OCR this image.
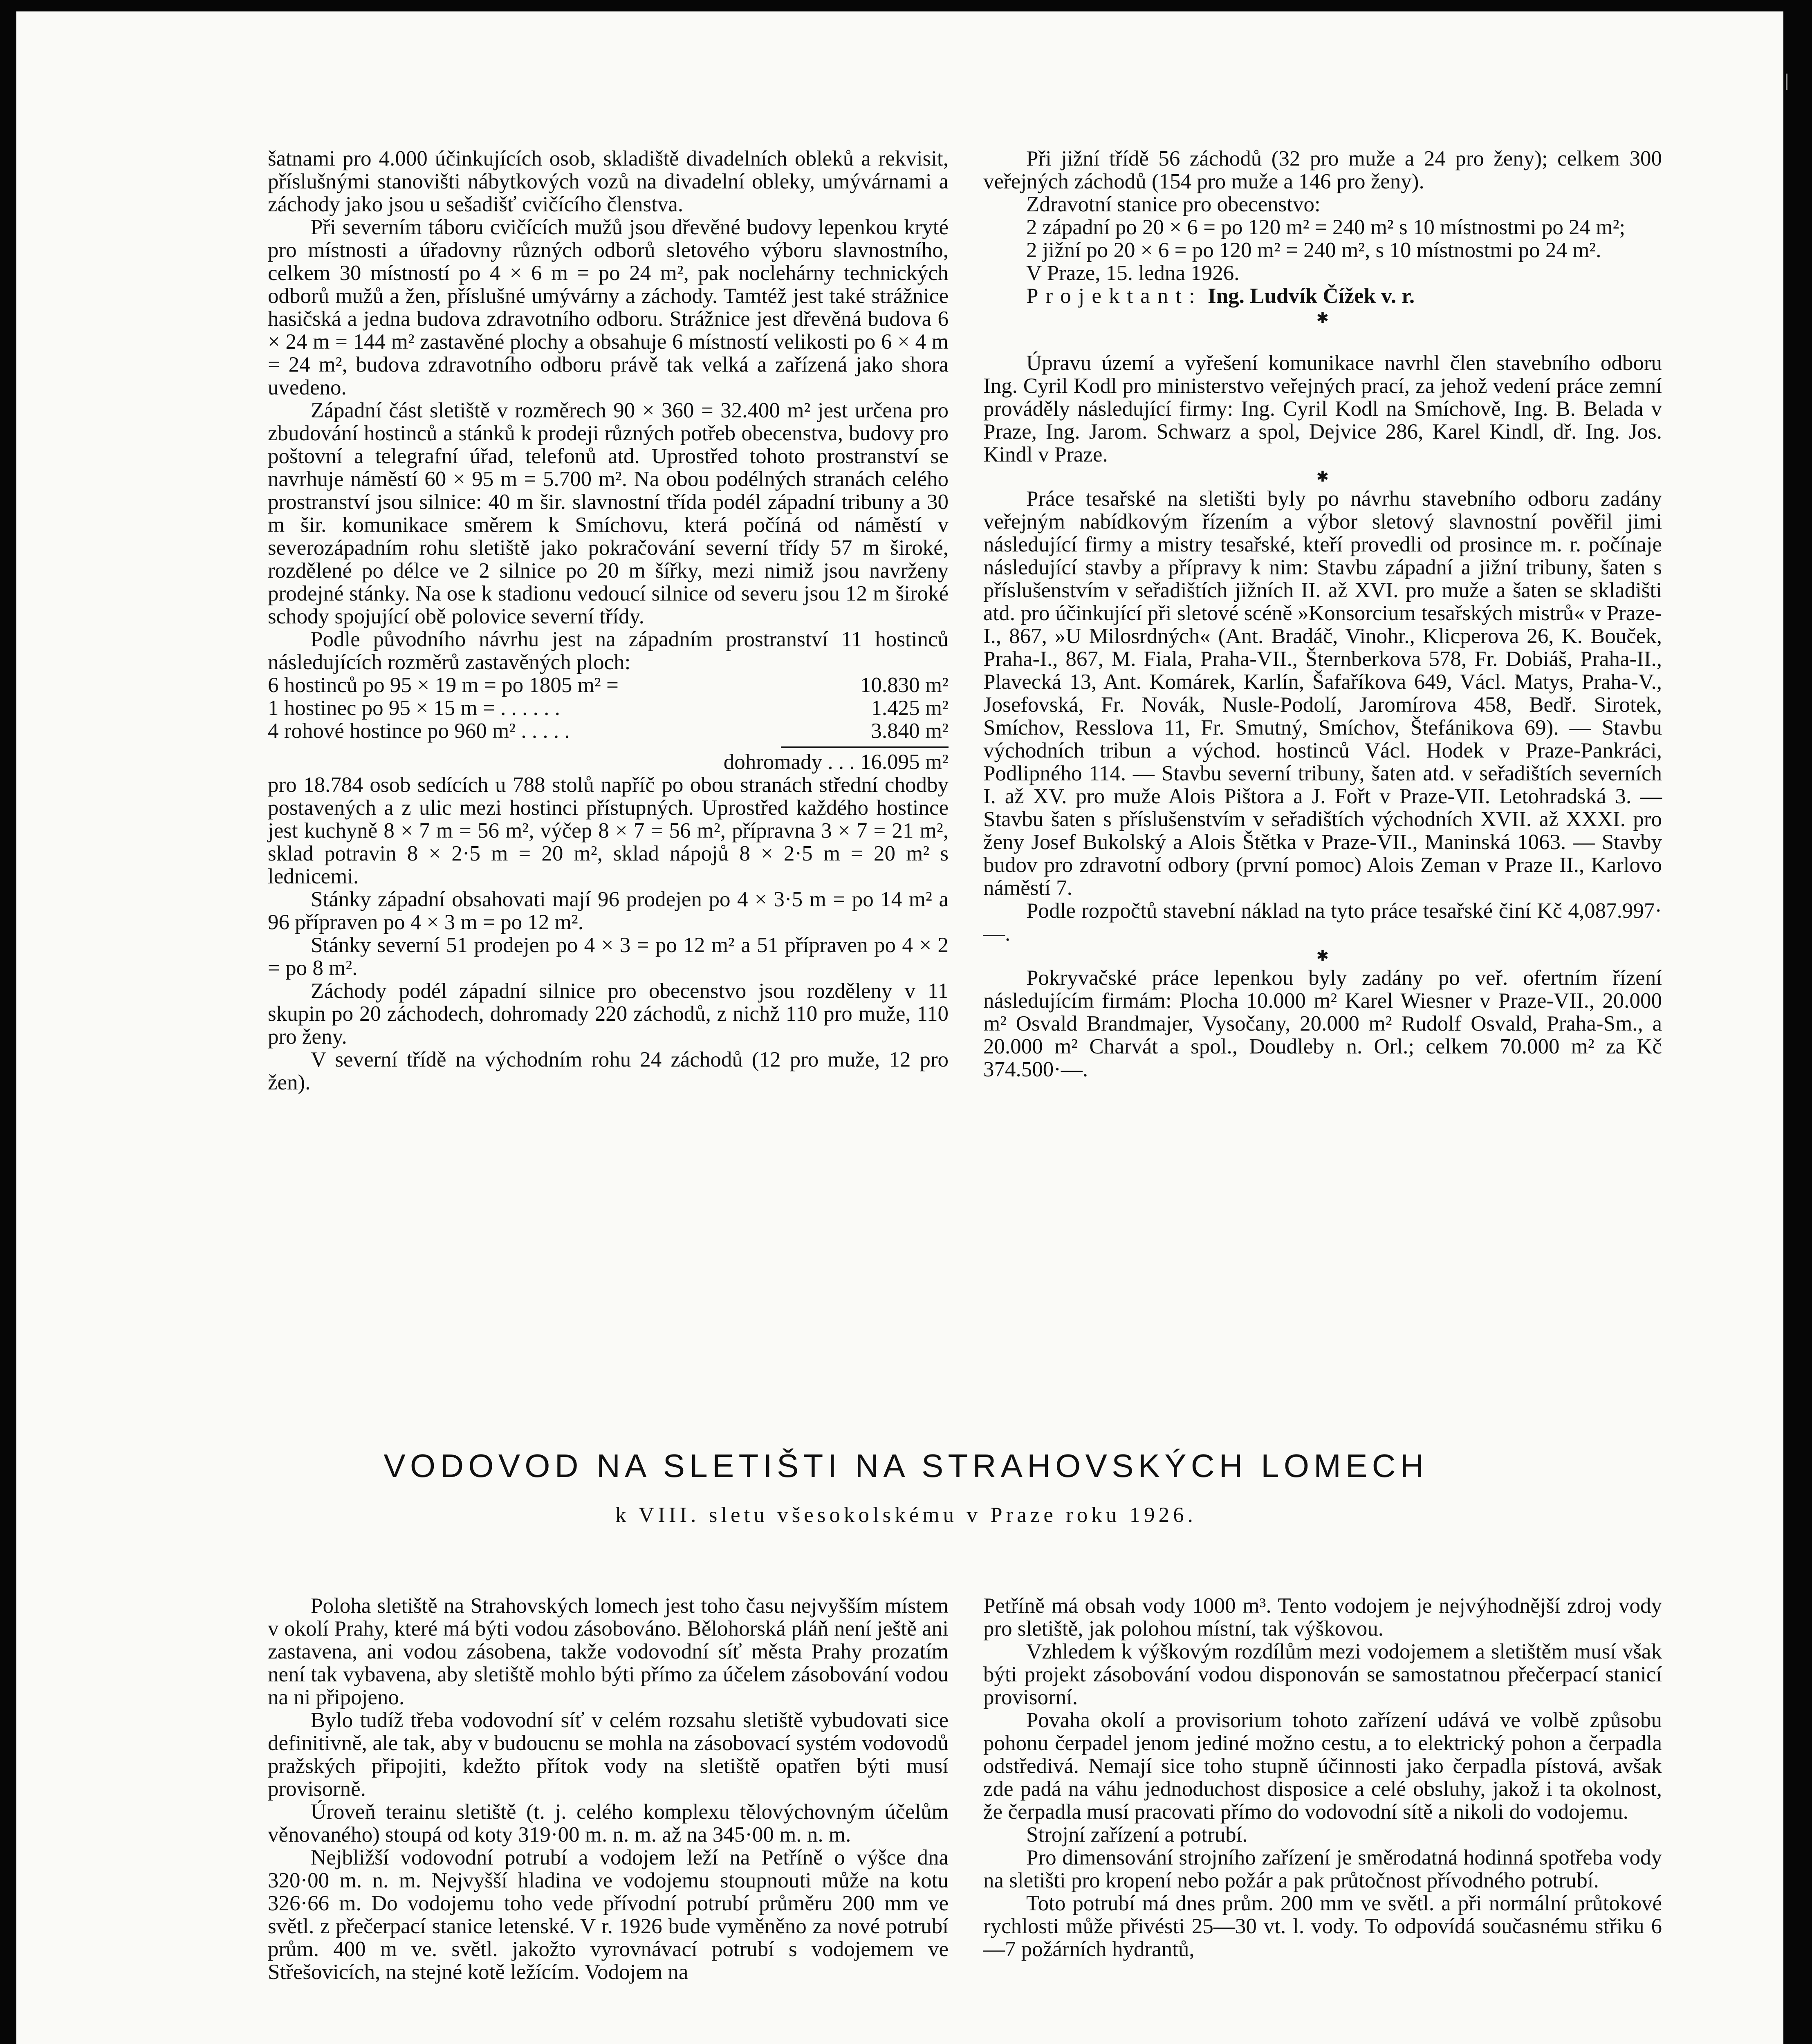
šatnami pro 4.000 účinkujících osob, skladiště divadelních obleků a rekvisit, příslušnými stanovišti nábytkových vozů na divadelní obleky, umývárnami a záchody jako jsou u sešadišť cvičícího členstva.

Při severním táboru cvičících mužů jsou dřevěné budovy lepenkou kryté pro místnosti a úřadovny různých odborů sletového výboru slavnostního, celkem 30 místností po 4 × 6 m = po 24 m², pak noclehárny technických odborů mužů a žen, příslušné umývárny a záchody. Tamtéž jest také strážnice hasičská a jedna budova zdravotního odboru. Strážnice jest dřevěná budova 6 × 24 m = 144 m² zastavěné plochy a obsahuje 6 místností velikosti po 6 × 4 m = 24 m², budova zdravotního odboru právě tak velká a zařízená jako shora uvedeno.

Západní část sletiště v rozměrech 90 × 360 = 32.400 m² jest určena pro zbudování hostinců a stánků k prodeji různých potřeb obecenstva, budovy pro poštovní a telegrafní úřad, telefonů atd. Uprostřed tohoto prostranství se navrhuje náměstí 60 × 95 m = 5.700 m². Na obou podélných stranách celého prostranství jsou silnice: 40 m šir. slavnostní třída podél západní tribuny a 30 m šir. komunikace směrem k Smíchovu, která počíná od náměstí v severozápadním rohu sletiště jako pokračování severní třídy 57 m široké, rozdělené po délce ve 2 silnice po 20 m šířky, mezi nimiž jsou navrženy prodejné stánky. Na ose k stadionu vedoucí silnice od severu jsou 12 m široké schody spojující obě polovice severní třídy.

Podle původního návrhu jest na západním prostranství 11 hostinců následujících rozměrů zastavěných ploch:

6 hostinců po 95 × 19 m = po 1805 m² =	10.830 m²
1 hostinec po 95 × 15 m = . . . . . .	1.425 m²
4 rohové hostince po 960 m² . . . . .	3.840 m²
dohromady . . . 16.095 m²

pro 18.784 osob sedících u 788 stolů napříč po obou stranách střední chodby postavených a z ulic mezi hostinci přístupných. Uprostřed každého hostince jest kuchyně 8 × 7 m = 56 m², výčep 8 × 7 = 56 m², přípravna 3 × 7 = 21 m², sklad potravin 8 × 2·5 m = 20 m², sklad nápojů 8 × 2·5 m = 20 m² s lednicemi.

Stánky západní obsahovati mají 96 prodejen po 4 × 3·5 m = po 14 m² a 96 přípraven po 4 × 3 m = po 12 m².

Stánky severní 51 prodejen po 4 × 3 = po 12 m² a 51 přípraven po 4 × 2 = po 8 m².

Záchody podél západní silnice pro obecenstvo jsou rozděleny v 11 skupin po 20 záchodech, dohromady 220 záchodů, z nichž 110 pro muže, 110 pro ženy.

V severní třídě na východním rohu 24 záchodů (12 pro muže, 12 pro žen).

Při jižní třídě 56 záchodů (32 pro muže a 24 pro ženy); celkem 300 veřejných záchodů (154 pro muže a 146 pro ženy).

Zdravotní stanice pro obecenstvo:

2 západní po 20 × 6 = po 120 m² = 240 m² s 10 místnostmi po 24 m²;

2 jižní po 20 × 6 = po 120 m² = 240 m², s 10 místnostmi po 24 m².

V Praze, 15. ledna 1926.

Projektant: Ing. Ludvík Čížek v. r.

✱

Úpravu území a vyřešení komunikace navrhl člen stavebního odboru Ing. Cyril Kodl pro ministerstvo veřejných prací, za jehož vedení práce zemní prováděly následující firmy: Ing. Cyril Kodl na Smíchově, Ing. B. Belada v Praze, Ing. Jarom. Schwarz a spol, Dejvice 286, Karel Kindl, dř. Ing. Jos. Kindl v Praze.

✱

Práce tesařské na sletišti byly po návrhu stavebního odboru zadány veřejným nabídkovým řízením a výbor sletový slavnostní pověřil jimi následující firmy a mistry tesařské, kteří provedli od prosince m. r. počínaje následující stavby a přípravy k nim: Stavbu západní a jižní tribuny, šaten s příslušenstvím v seřadištích jižních II. až XVI. pro muže a šaten se skladišti atd. pro účinkující při sletové scéně »Konsorcium tesařských mistrů« v Praze-I., 867, »U Milosrdných« (Ant. Bradáč, Vinohr., Klicperova 26, K. Bouček, Praha-I., 867, M. Fiala, Praha-VII., Šternberkova 578, Fr. Dobiáš, Praha-II., Plavecká 13, Ant. Komárek, Karlín, Šafaříkova 649, Václ. Matys, Praha-V., Josefovská, Fr. Novák, Nusle-Podolí, Jaromírova 458, Bedř. Sirotek, Smíchov, Resslova 11, Fr. Smutný, Smíchov, Štefánikova 69). — Stavbu východních tribun a východ. hostinců Václ. Hodek v Praze-Pankráci, Podlipného 114. — Stavbu severní tribuny, šaten atd. v seřadištích severních I. až XV. pro muže Alois Pištora a J. Fořt v Praze-VII. Letohradská 3. — Stavbu šaten s příslušenstvím v seřadištích východních XVII. až XXXI. pro ženy Josef Bukolský a Alois Štětka v Praze-VII., Maninská 1063. — Stavby budov pro zdravotní odbory (první pomoc) Alois Zeman v Praze II., Karlovo náměstí 7.

Podle rozpočtů stavební náklad na tyto práce tesařské činí Kč 4,087.997·—.

✱

Pokryvačské práce lepenkou byly zadány po veř. ofertním řízení následujícím firmám: Plocha 10.000 m² Karel Wiesner v Praze-VII., 20.000 m² Osvald Brandmajer, Vysočany, 20.000 m² Rudolf Osvald, Praha-Sm., a 20.000 m² Charvát a spol., Doudleby n. Orl.; celkem 70.000 m² za Kč 374.500·—.

VODOVOD NA SLETIŠTI NA STRAHOVSKÝCH LOMECH
k VIII. sletu všesokolskému v Praze roku 1926.

Poloha sletiště na Strahovských lomech jest toho času nejvyšším místem v okolí Prahy, které má býti vodou zásobováno. Bělohorská pláň není ještě ani zastavena, ani vodou zásobena, takže vodovodní síť města Prahy prozatím není tak vybavena, aby sletiště mohlo býti přímo za účelem zásobování vodou na ni připojeno.

Bylo tudíž třeba vodovodní síť v celém rozsahu sletiště vybudovati sice definitivně, ale tak, aby v budoucnu se mohla na zásobovací systém vodovodů pražských připojiti, kdežto přítok vody na sletiště opatřen býti musí provisorně.

Úroveň terainu sletiště (t. j. celého komplexu tělovýchovným účelům věnovaného) stoupá od koty 319·00 m. n. m. až na 345·00 m. n. m.

Nejbližší vodovodní potrubí a vodojem leží na Petříně o výšce dna 320·00 m. n. m. Nejvyšší hladina ve vodojemu stoupnouti může na kotu 326·66 m. Do vodojemu toho vede přívodní potrubí průměru 200 mm ve světl. z přečerpací stanice letenské. V r. 1926 bude vyměněno za nové potrubí prům. 400 m ve. světl. jakožto vyrovnávací potrubí s vodojemem ve Střešovicích, na stejné kotě ležícím. Vodojem na

Petříně má obsah vody 1000 m³. Tento vodojem je nejvýhodnější zdroj vody pro sletiště, jak polohou místní, tak výškovou.

Vzhledem k výškovým rozdílům mezi vodojemem a sletištěm musí však býti projekt zásobování vodou disponován se samostatnou přečerpací stanicí provisorní.

Povaha okolí a provisorium tohoto zařízení udává ve volbě způsobu pohonu čerpadel jenom jediné možno cestu, a to elektrický pohon a čerpadla odstředivá. Nemají sice toho stupně účinnosti jako čerpadla pístová, avšak zde padá na váhu jednoduchost disposice a celé obsluhy, jakož i ta okolnost, že čerpadla musí pracovati přímo do vodovodní sítě a nikoli do vodojemu.

Strojní zařízení a potrubí.

Pro dimensování strojního zařízení je směrodatná hodinná spotřeba vody na sletišti pro kropení nebo požár a pak průtočnost přívodného potrubí.

Toto potrubí má dnes prům. 200 mm ve světl. a při normální průtokové rychlosti může přivésti 25—30 vt. l. vody. To odpovídá současnému střiku 6—7 požárních hydrantů,
